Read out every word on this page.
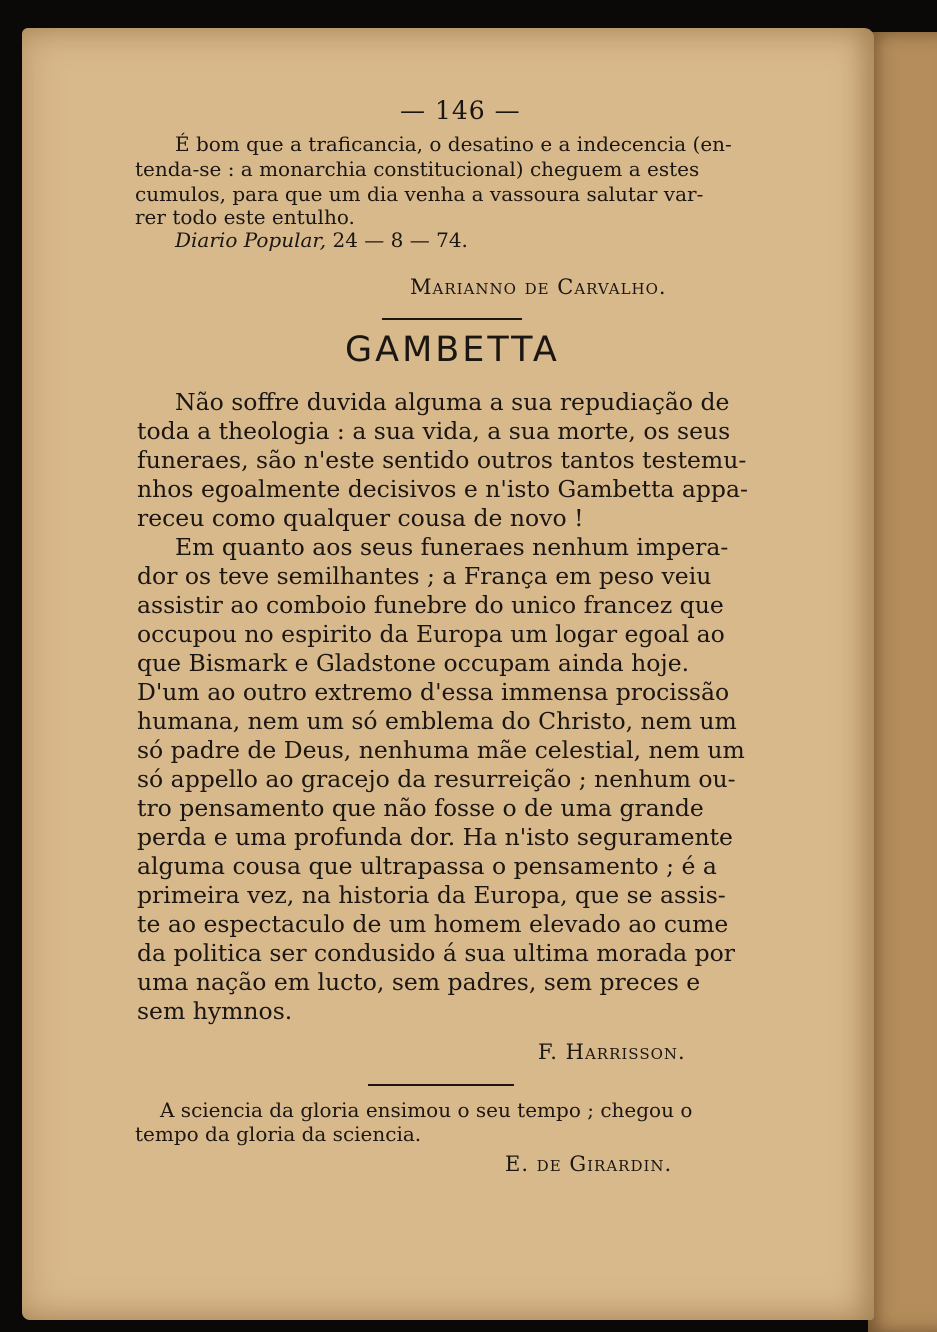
— 146 —
É bom que a traficancia, o desatino e a indecencia (en-
tenda-se : a monarchia constitucional) cheguem a estes
cumulos, para que um dia venha a vassoura salutar var-
rer todo este entulho.
Diario Popular, 24 — 8 — 74.
Marianno de Carvalho.
GAMBETTA
Não soffre duvida alguma a sua repudiação de
toda a theologia : a sua vida, a sua morte, os seus
funeraes, são n'este sentido outros tantos testemu-
nhos egoalmente decisivos e n'isto Gambetta appa-
receu como qualquer cousa de novo !
Em quanto aos seus funeraes nenhum impera-
dor os teve semilhantes ; a França em peso veiu
assistir ao comboio funebre do unico francez que
occupou no espirito da Europa um logar egoal ao
que Bismark e Gladstone occupam ainda hoje.
D'um ao outro extremo d'essa immensa procissão
humana, nem um só emblema do Christo, nem um
só padre de Deus, nenhuma mãe celestial, nem um
só appello ao gracejo da resurreição ; nenhum ou-
tro pensamento que não fosse o de uma grande
perda e uma profunda dor. Ha n'isto seguramente
alguma cousa que ultrapassa o pensamento ; é a
primeira vez, na historia da Europa, que se assis-
te ao espectaculo de um homem elevado ao cume
da politica ser condusido á sua ultima morada por
uma nação em lucto, sem padres, sem preces e
sem hymnos.
F. Harrisson.
A sciencia da gloria ensimou o seu tempo ; chegou o
tempo da gloria da sciencia.
E. de Girardin.
